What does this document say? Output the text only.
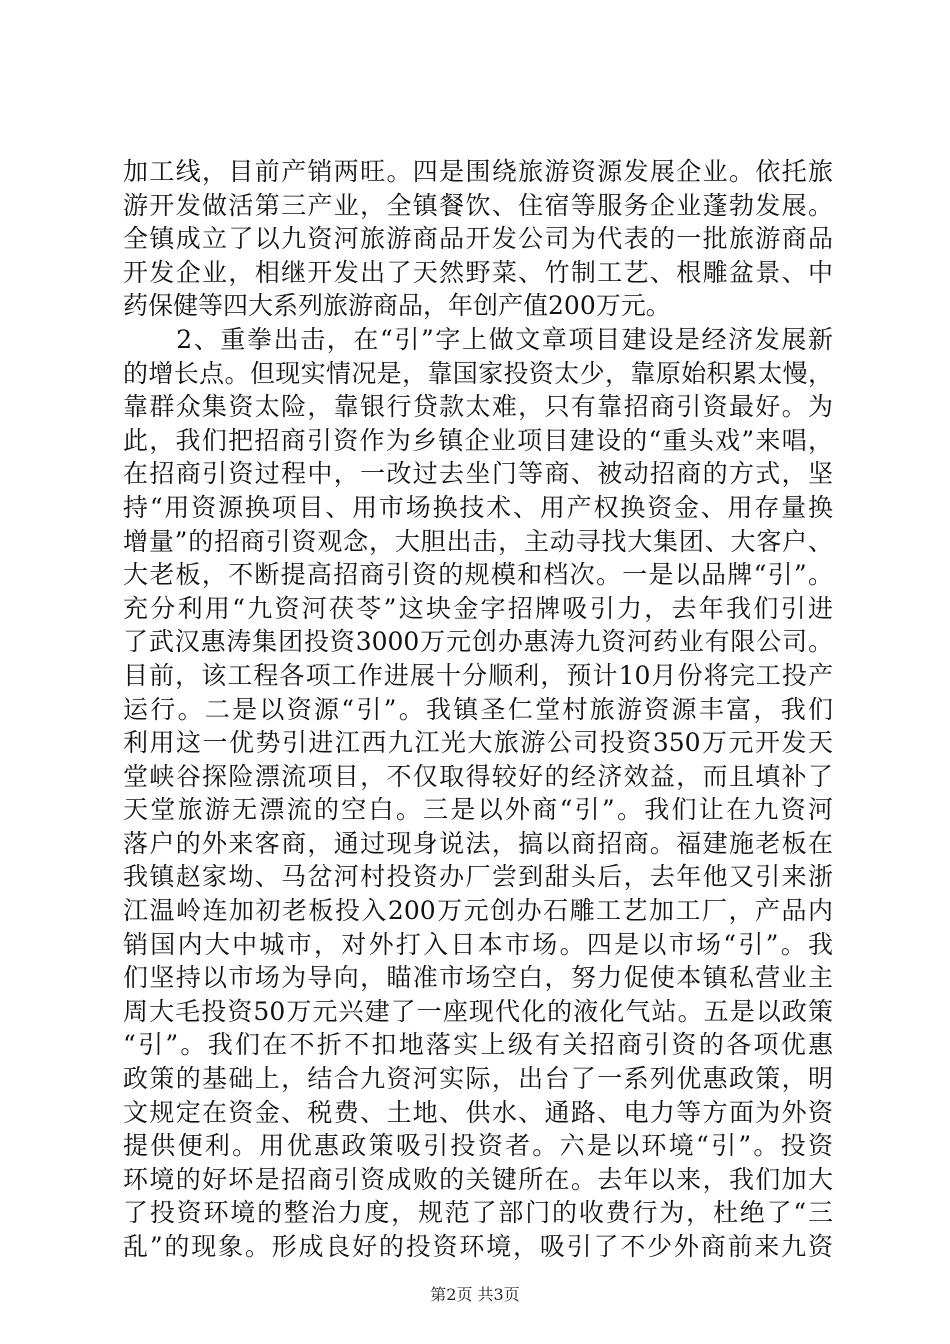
加工线，目前产销两旺。四是围绕旅游资源发展企业。依托旅
游开发做活第三产业，全镇餐饮、住宿等服务企业蓬勃发展。
全镇成立了以九资河旅游商品开发公司为代表的一批旅游商品
开发企业，相继开发出了天然野菜、竹制工艺、根雕盆景、中
药保健等四大系列旅游商品，年创产值200万元。
　　2、重拳出击，在“引”字上做文章项目建设是经济发展新
的增长点。但现实情况是，靠国家投资太少，靠原始积累太慢，
靠群众集资太险，靠银行贷款太难，只有靠招商引资最好。为
此，我们把招商引资作为乡镇企业项目建设的“重头戏”来唱，
在招商引资过程中，一改过去坐门等商、被动招商的方式，坚
持“用资源换项目、用市场换技术、用产权换资金、用存量换
增量”的招商引资观念，大胆出击，主动寻找大集团、大客户、
大老板，不断提高招商引资的规模和档次。一是以品牌“引”。
充分利用“九资河茯苓”这块金字招牌吸引力，去年我们引进
了武汉惠涛集团投资3000万元创办惠涛九资河药业有限公司。
目前，该工程各项工作进展十分顺利，预计10月份将完工投产
运行。二是以资源“引”。我镇圣仁堂村旅游资源丰富，我们
利用这一优势引进江西九江光大旅游公司投资350万元开发天
堂峡谷探险漂流项目，不仅取得较好的经济效益，而且填补了
天堂旅游无漂流的空白。三是以外商“引”。我们让在九资河
落户的外来客商，通过现身说法，搞以商招商。福建施老板在
我镇赵家坳、马岔河村投资办厂尝到甜头后，去年他又引来浙
江温岭连加初老板投入200万元创办石雕工艺加工厂，产品内
销国内大中城市，对外打入日本市场。四是以市场“引”。我
们坚持以市场为导向，瞄准市场空白，努力促使本镇私营业主
周大毛投资50万元兴建了一座现代化的液化气站。五是以政策
“引”。我们在不折不扣地落实上级有关招商引资的各项优惠
政策的基础上，结合九资河实际，出台了一系列优惠政策，明
文规定在资金、税费、土地、供水、通路、电力等方面为外资
提供便利。用优惠政策吸引投资者。六是以环境“引”。投资
环境的好坏是招商引资成败的关键所在。去年以来，我们加大
了投资环境的整治力度，规范了部门的收费行为，杜绝了“三
乱”的现象。形成良好的投资环境，吸引了不少外商前来九资
第2页 共3页
